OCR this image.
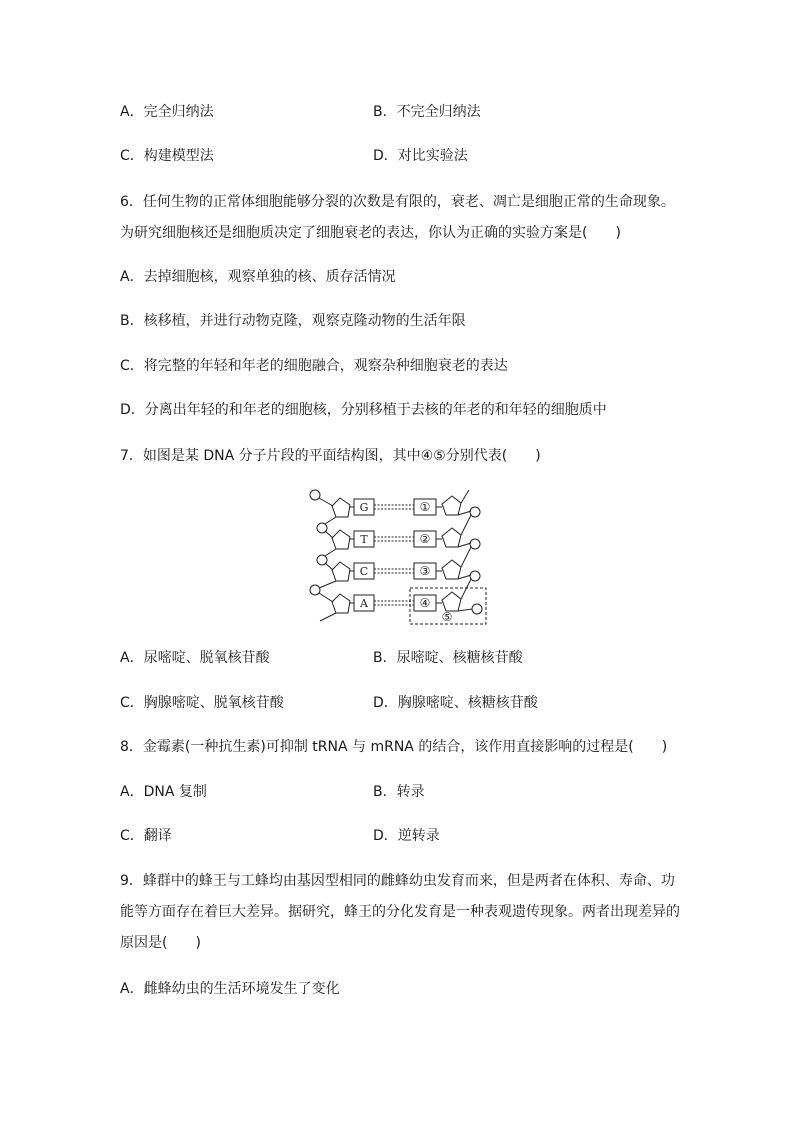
A．完全归纳法	B．不完全归纳法
C．构建模型法	D．对比实验法
6．任何生物的正常体细胞能够分裂的次数是有限的，衰老、凋亡是细胞正常的生命现象。
为研究细胞核还是细胞质决定了细胞衰老的表达，你认为正确的实验方案是(　　)
A．去掉细胞核，观察单独的核、质存活情况
B．核移植，并进行动物克隆，观察克隆动物的生活年限
C．将完整的年轻和年老的细胞融合，观察杂种细胞衰老的表达
D．分离出年轻的和年老的细胞核，分别移植于去核的年老的和年轻的细胞质中
7．如图是某 DNA 分子片段的平面结构图，其中④⑤分别代表(　　)
G
T
C
A
①
②
③
④
⑤
A．尿嘧啶、脱氧核苷酸	B．尿嘧啶、核糖核苷酸
C．胸腺嘧啶、脱氧核苷酸	D．胸腺嘧啶、核糖核苷酸
8．金霉素(一种抗生素)可抑制 tRNA 与 mRNA 的结合，该作用直接影响的过程是(　　)
A．DNA 复制	B．转录
C．翻译	D．逆转录
9．蜂群中的蜂王与工蜂均由基因型相同的雌蜂幼虫发育而来，但是两者在体积、寿命、功
能等方面存在着巨大差异。据研究，蜂王的分化发育是一种表观遗传现象。两者出现差异的
原因是(　　)
A．雌蜂幼虫的生活环境发生了变化
